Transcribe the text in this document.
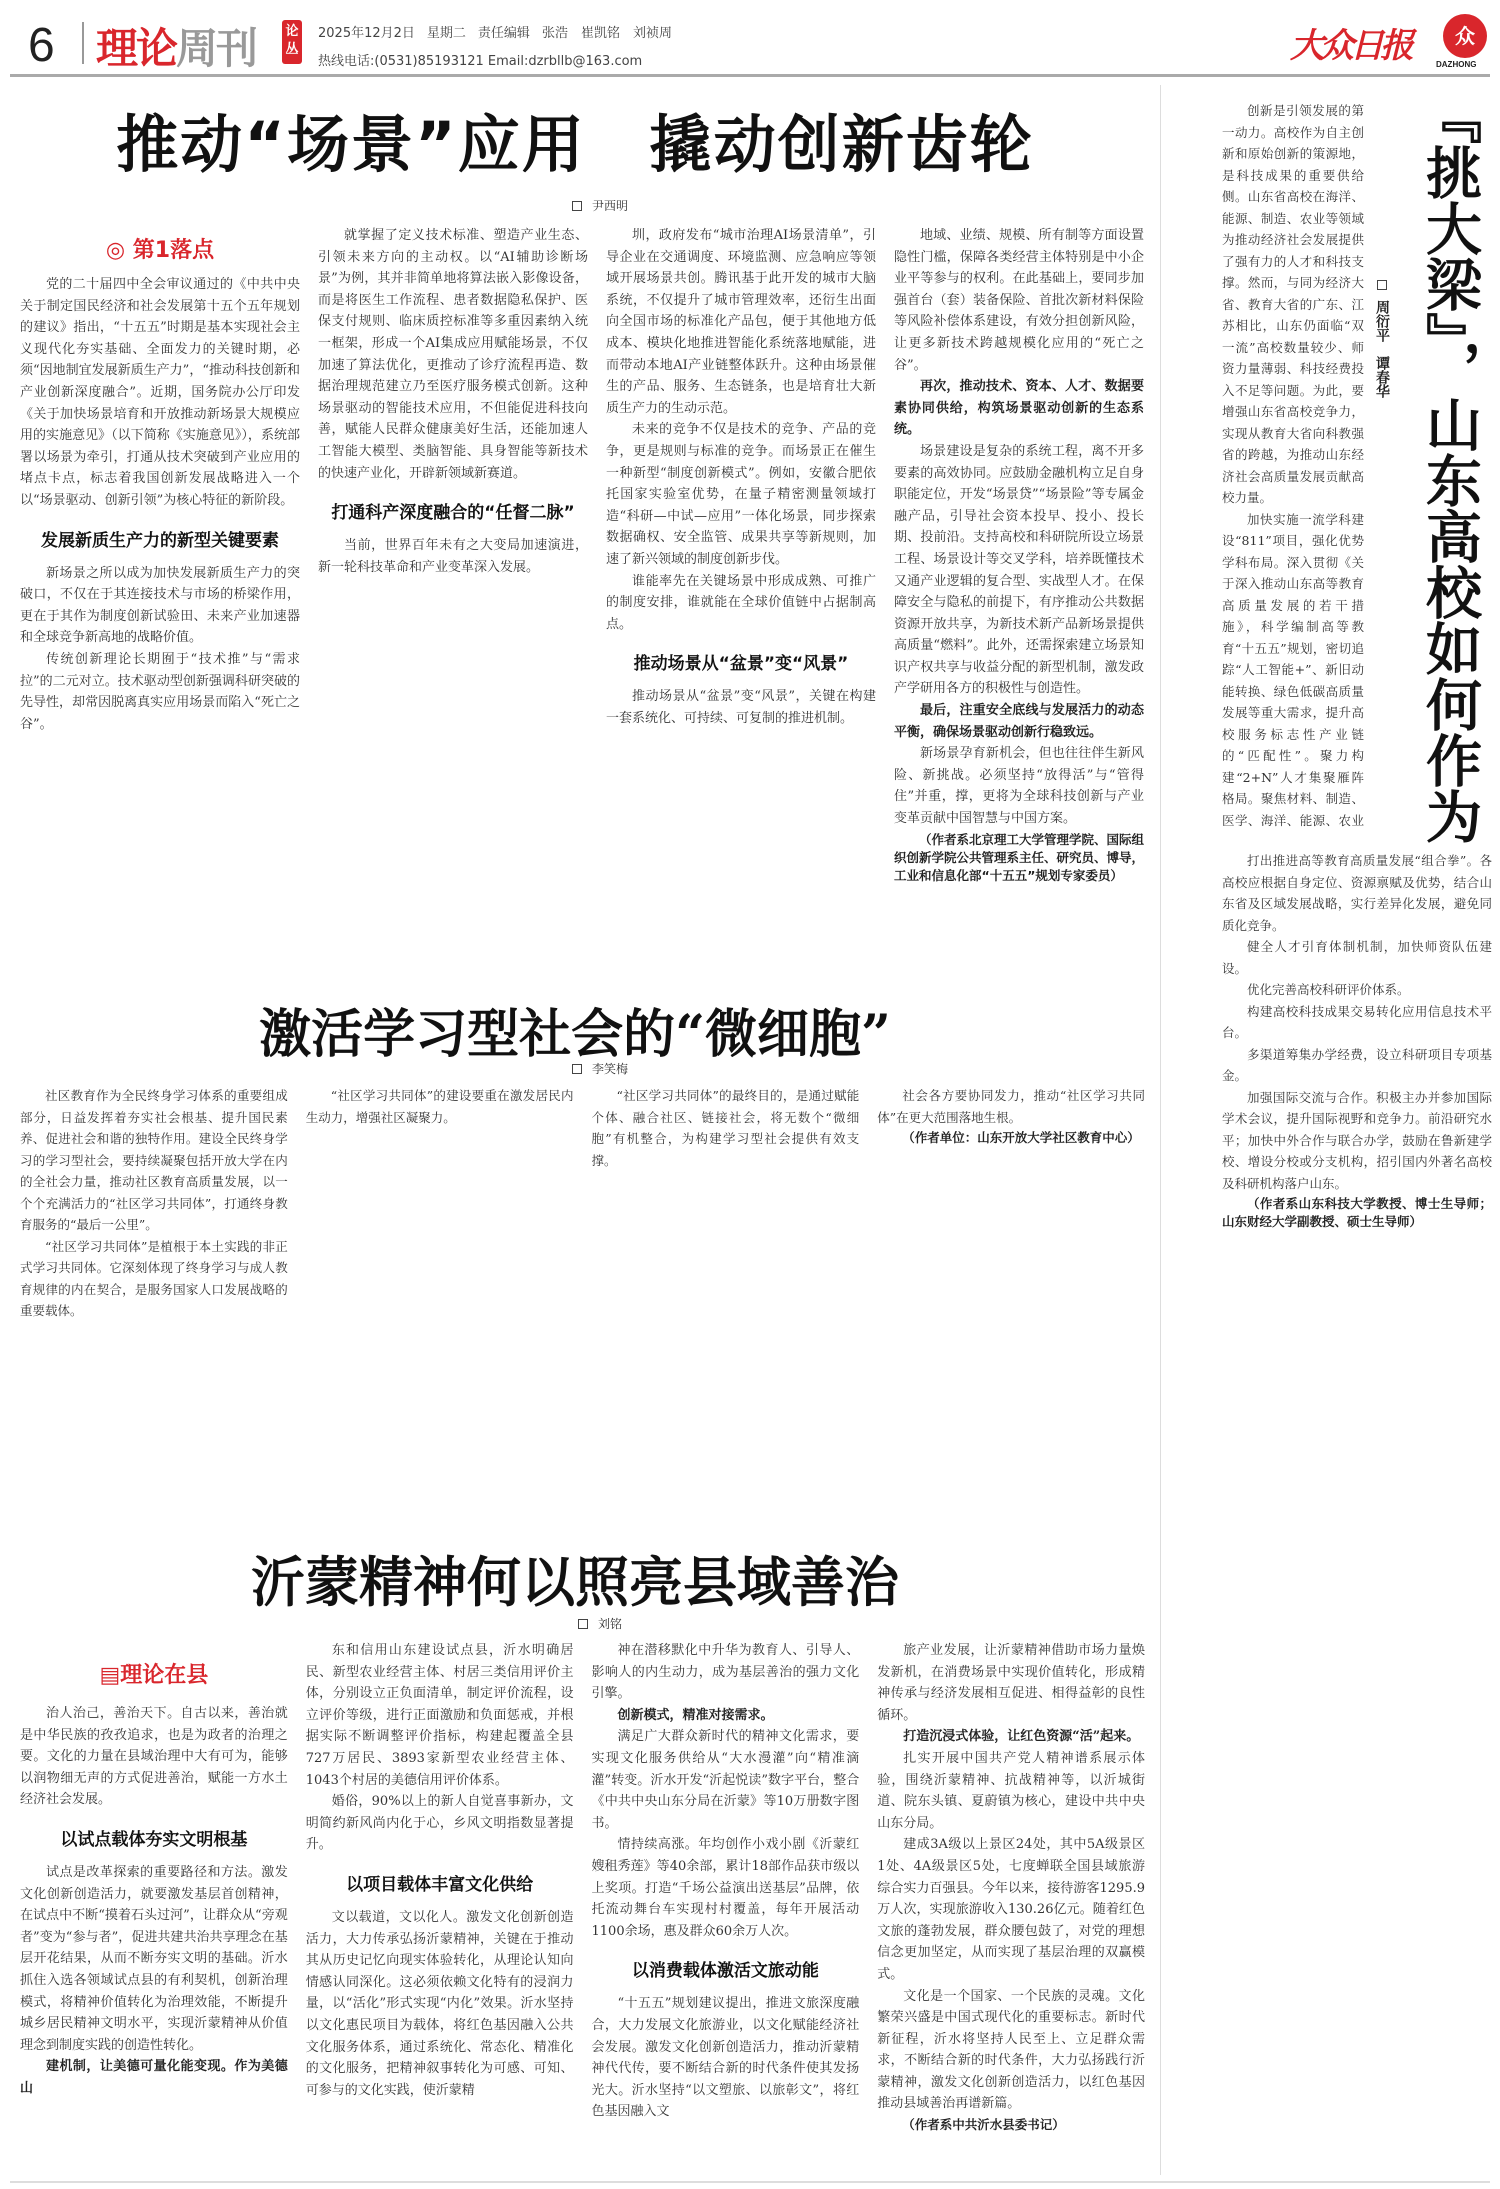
6 理论周刊 论丛
2025年12月2日 星期二 责任编辑 张浩　崔凯铭　刘祯周
热线电话:(0531)85193121 Email:dzrbllb@163.com	大众日报	众
DAZHONG
推动“场景”应用　撬动创新齿轮
尹西明
◎ 第1落点

党的二十届四中全会审议通过的《中共中央关于制定国民经济和社会发展第十五个五年规划的建议》指出，“十五五”时期是基本实现社会主义现代化夯实基础、全面发力的关键时期，必须“因地制宜发展新质生产力”，“推动科技创新和产业创新深度融合”。近期，国务院办公厅印发《关于加快场景培育和开放推动新场景大规模应用的实施意见》（以下简称《实施意见》），系统部署以场景为牵引，打通从技术突破到产业应用的堵点卡点，标志着我国创新发展战略进入一个以“场景驱动、创新引领”为核心特征的新阶段。

发展新质生产力的新型关键要素

新场景之所以成为加快发展新质生产力的突破口，不仅在于其连接技术与市场的桥梁作用，更在于其作为制度创新试验田、未来产业加速器和全球竞争新高地的战略价值。

传统创新理论长期囿于“技术推”与“需求拉”的二元对立。技术驱动型创新强调科研突破的先导性，却常因脱离真实应用场景而陷入“死亡之谷”。

就掌握了定义技术标准、塑造产业生态、引领未来方向的主动权。以“AI辅助诊断场景”为例，其并非简单地将算法嵌入影像设备，而是将医生工作流程、患者数据隐私保护、医保支付规则、临床质控标准等多重因素纳入统一框架，形成一个AI集成应用赋能场景，不仅加速了算法优化，更推动了诊疗流程再造、数据治理规范建立乃至医疗服务模式创新。这种场景驱动的智能技术应用，不但能促进科技向善，赋能人民群众健康美好生活，还能加速人工智能大模型、类脑智能、具身智能等新技术的快速产业化，开辟新领域新赛道。

打通科产深度融合的“任督二脉”

当前，世界百年未有之大变局加速演进，新一轮科技革命和产业变革深入发展。

圳，政府发布“城市治理AI场景清单”，引导企业在交通调度、环境监测、应急响应等领域开展场景共创。腾讯基于此开发的城市大脑系统，不仅提升了城市管理效率，还衍生出面向全国市场的标准化产品包，便于其他地方低成本、模块化地推进智能化系统落地赋能，进而带动本地AI产业链整体跃升。这种由场景催生的产品、服务、生态链条，也是培育壮大新质生产力的生动示范。

未来的竞争不仅是技术的竞争、产品的竞争，更是规则与标准的竞争。而场景正在催生一种新型“制度创新模式”。例如，安徽合肥依托国家实验室优势，在量子精密测量领域打造“科研—中试—应用”一体化场景，同步探索数据确权、安全监管、成果共享等新规则，加速了新兴领域的制度创新步伐。

谁能率先在关键场景中形成成熟、可推广的制度安排，谁就能在全球价值链中占据制高点。

推动场景从“盆景”变“风景”

推动场景从“盆景”变“风景”，关键在构建一套系统化、可持续、可复制的推进机制。

地域、业绩、规模、所有制等方面设置隐性门槛，保障各类经营主体特别是中小企业平等参与的权利。在此基础上，要同步加强首台（套）装备保险、首批次新材料保险等风险补偿体系建设，有效分担创新风险，让更多新技术跨越规模化应用的“死亡之谷”。

再次，推动技术、资本、人才、数据要素协同供给，构筑场景驱动创新的生态系统。

场景建设是复杂的系统工程，离不开多要素的高效协同。应鼓励金融机构立足自身职能定位，开发“场景贷”“场景险”等专属金融产品，引导社会资本投早、投小、投长期、投前沿。支持高校和科研院所设立场景工程、场景设计等交叉学科，培养既懂技术又通产业逻辑的复合型、实战型人才。在保障安全与隐私的前提下，有序推动公共数据资源开放共享，为新技术新产品新场景提供高质量“燃料”。此外，还需探索建立场景知识产权共享与收益分配的新型机制，激发政产学研用各方的积极性与创造性。

最后，注重安全底线与发展活力的动态平衡，确保场景驱动创新行稳致远。

新场景孕育新机会，但也往往伴生新风险、新挑战。必须坚持“放得活”与“管得住”并重，撑，更将为全球科技创新与产业变革贡献中国智慧与中国方案。

（作者系北京理工大学管理学院、国际组织创新学院公共管理系主任、研究员、博导，工业和信息化部“十五五”规划专家委员）

激活学习型社会的“微细胞”
李笑梅

社区教育作为全民终身学习体系的重要组成部分，日益发挥着夯实社会根基、提升国民素养、促进社会和谐的独特作用。建设全民终身学习的学习型社会，要持续凝聚包括开放大学在内的全社会力量，推动社区教育高质量发展，以一个个充满活力的“社区学习共同体”，打通终身教育服务的“最后一公里”。

“社区学习共同体”是植根于本土实践的非正式学习共同体。它深刻体现了终身学习与成人教育规律的内在契合，是服务国家人口发展战略的重要载体。

“社区学习共同体”的建设要重在激发居民内生动力，增强社区凝聚力。

“社区学习共同体”的最终目的，是通过赋能个体、融合社区、链接社会，将无数个“微细胞”有机整合，为构建学习型社会提供有效支撑。

社会各方要协同发力，推动“社区学习共同体”在更大范围落地生根。

（作者单位：山东开放大学社区教育中心）

沂蒙精神何以照亮县域善治
刘铭
▤理论在县

治人治己，善治天下。自古以来，善治就是中华民族的孜孜追求，也是为政者的治理之要。文化的力量在县域治理中大有可为，能够以润物细无声的方式促进善治，赋能一方水土经济社会发展。

以试点载体夯实文明根基

试点是改革探索的重要路径和方法。激发文化创新创造活力，就要激发基层首创精神，在试点中不断“摸着石头过河”，让群众从“旁观者”变为“参与者”，促进共建共治共享理念在基层开花结果，从而不断夯实文明的基础。沂水抓住入选各领域试点县的有利契机，创新治理模式，将精神价值转化为治理效能，不断提升城乡居民精神文明水平，实现沂蒙精神从价值理念到制度实践的创造性转化。

建机制，让美德可量化能变现。作为美德山

东和信用山东建设试点县，沂水明确居民、新型农业经营主体、村居三类信用评价主体，分别设立正负面清单，制定评价流程，设立评价等级，进行正面激励和负面惩戒，并根据实际不断调整评价指标，构建起覆盖全县727万居民、3893家新型农业经营主体、1043个村居的美德信用评价体系。

婚俗，90%以上的新人自觉喜事新办，文明简约新风尚内化于心，乡风文明指数显著提升。

以项目载体丰富文化供给

文以载道，文以化人。激发文化创新创造活力，大力传承弘扬沂蒙精神，关键在于推动其从历史记忆向现实体验转化，从理论认知向情感认同深化。这必须依赖文化特有的浸润力量，以“活化”形式实现“内化”效果。沂水坚持以文化惠民项目为载体，将红色基因融入公共文化服务体系，通过系统化、常态化、精准化的文化服务，把精神叙事转化为可感、可知、可参与的文化实践，使沂蒙精

神在潜移默化中升华为教育人、引导人、影响人的内生动力，成为基层善治的强力文化引擎。

创新模式，精准对接需求。

满足广大群众新时代的精神文化需求，要实现文化服务供给从“大水漫灌”向“精准滴灌”转变。沂水开发“沂起悦读”数字平台，整合《中共中央山东分局在沂蒙》等10万册数字图书。

情持续高涨。年均创作小戏小剧《沂蒙红嫂租秀莲》等40余部，累计18部作品获市级以上奖项。打造“千场公益演出送基层”品牌，依托流动舞台车实现村村覆盖，每年开展活动1100余场，惠及群众60余万人次。

以消费载体激活文旅动能

“十五五”规划建议提出，推进文旅深度融合，大力发展文化旅游业，以文化赋能经济社会发展。激发文化创新创造活力，推动沂蒙精神代代传，要不断结合新的时代条件使其发扬光大。沂水坚持“以文塑旅、以旅彰文”，将红色基因融入文

旅产业发展，让沂蒙精神借助市场力量焕发新机，在消费场景中实现价值转化，形成精神传承与经济发展相互促进、相得益彰的良性循环。

打造沉浸式体验，让红色资源“活”起来。

扎实开展中国共产党人精神谱系展示体验，围绕沂蒙精神、抗战精神等，以沂城街道、院东头镇、夏蔚镇为核心，建设中共中央山东分局。

建成3A级以上景区24处，其中5A级景区1处、4A级景区5处，七度蝉联全国县域旅游综合实力百强县。今年以来，接待游客1295.9万人次，实现旅游收入130.26亿元。随着红色文旅的蓬勃发展，群众腰包鼓了，对党的理想信念更加坚定，从而实现了基层治理的双赢模式。

文化是一个国家、一个民族的灵魂。文化繁荣兴盛是中国式现代化的重要标志。新时代新征程，沂水将坚持人民至上、立足群众需求，不断结合新的时代条件，大力弘扬践行沂蒙精神，激发文化创新创造活力，以红色基因推动县域善治再谱新篇。

（作者系中共沂水县委书记）

『挑大梁』，山东高校如何作为
周衍平　谭春华

创新是引领发展的第一动力。高校作为自主创新和原始创新的策源地，是科技成果的重要供给侧。山东省高校在海洋、能源、制造、农业等领域为推动经济社会发展提供了强有力的人才和科技支撑。然而，与同为经济大省、教育大省的广东、江苏相比，山东仍面临“双一流”高校数量较少、师资力量薄弱、科技经费投入不足等问题。为此，要增强山东省高校竞争力，实现从教育大省向科教强省的跨越，为推动山东经济社会高质量发展贡献高校力量。

加快实施一流学科建设“811”项目，强化优势学科布局。深入贯彻《关于深入推动山东高等教育高质量发展的若干措施》，科学编制高等教育“十五五”规划，密切追踪“人工智能+”、新旧动能转换、绿色低碳高质量发展等重大需求，提升高校服务标志性产业链的“匹配性”。聚力构建“2+N”人才集聚雁阵格局。聚焦材料、制造、医学、海洋、能源、农业

打出推进高等教育高质量发展“组合拳”。各高校应根据自身定位、资源禀赋及优势，结合山东省及区域发展战略，实行差异化发展，避免同质化竞争。

健全人才引育体制机制，加快师资队伍建设。

优化完善高校科研评价体系。

构建高校科技成果交易转化应用信息技术平台。

多渠道筹集办学经费，设立科研项目专项基金。

加强国际交流与合作。积极主办并参加国际学术会议，提升国际视野和竞争力。前沿研究水平；加快中外合作与联合办学，鼓励在鲁新建学校、增设分校或分支机构，招引国内外著名高校及科研机构落户山东。

（作者系山东科技大学教授、博士生导师；山东财经大学副教授、硕士生导师）
